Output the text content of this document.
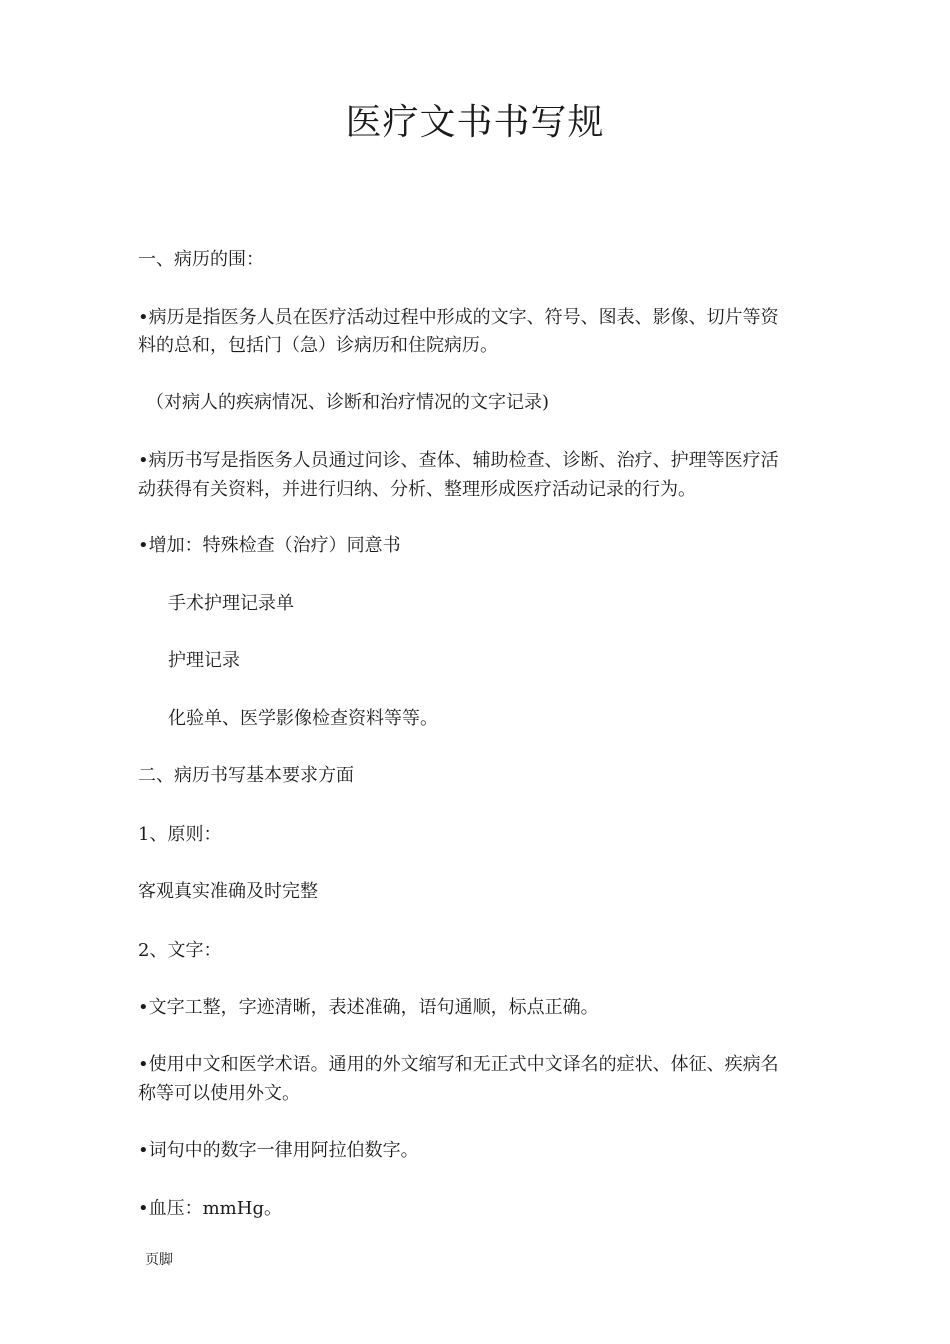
医疗文书书写规

一、病历的围：

•病历是指医务人员在医疗活动过程中形成的文字、符号、图表、影像、切片等资

料的总和，包括门（急）诊病历和住院病历。

（对病人的疾病情况、诊断和治疗情况的文字记录)

•病历书写是指医务人员通过问诊、查体、辅助检查、诊断、治疗、护理等医疗活

动获得有关资料，并进行归纳、分析、整理形成医疗活动记录的行为。

•增加：特殊检查（治疗）同意书

手术护理记录单

护理记录

化验单、医学影像检查资料等等。

二、病历书写基本要求方面

1、原则：

客观真实准确及时完整

2、文字：

•文字工整，字迹清晰，表述准确，语句通顺，标点正确。

•使用中文和医学术语。通用的外文缩写和无正式中文译名的症状、体征、疾病名

称等可以使用外文。

•词句中的数字一律用阿拉伯数字。

•血压：mmHg。

页脚
